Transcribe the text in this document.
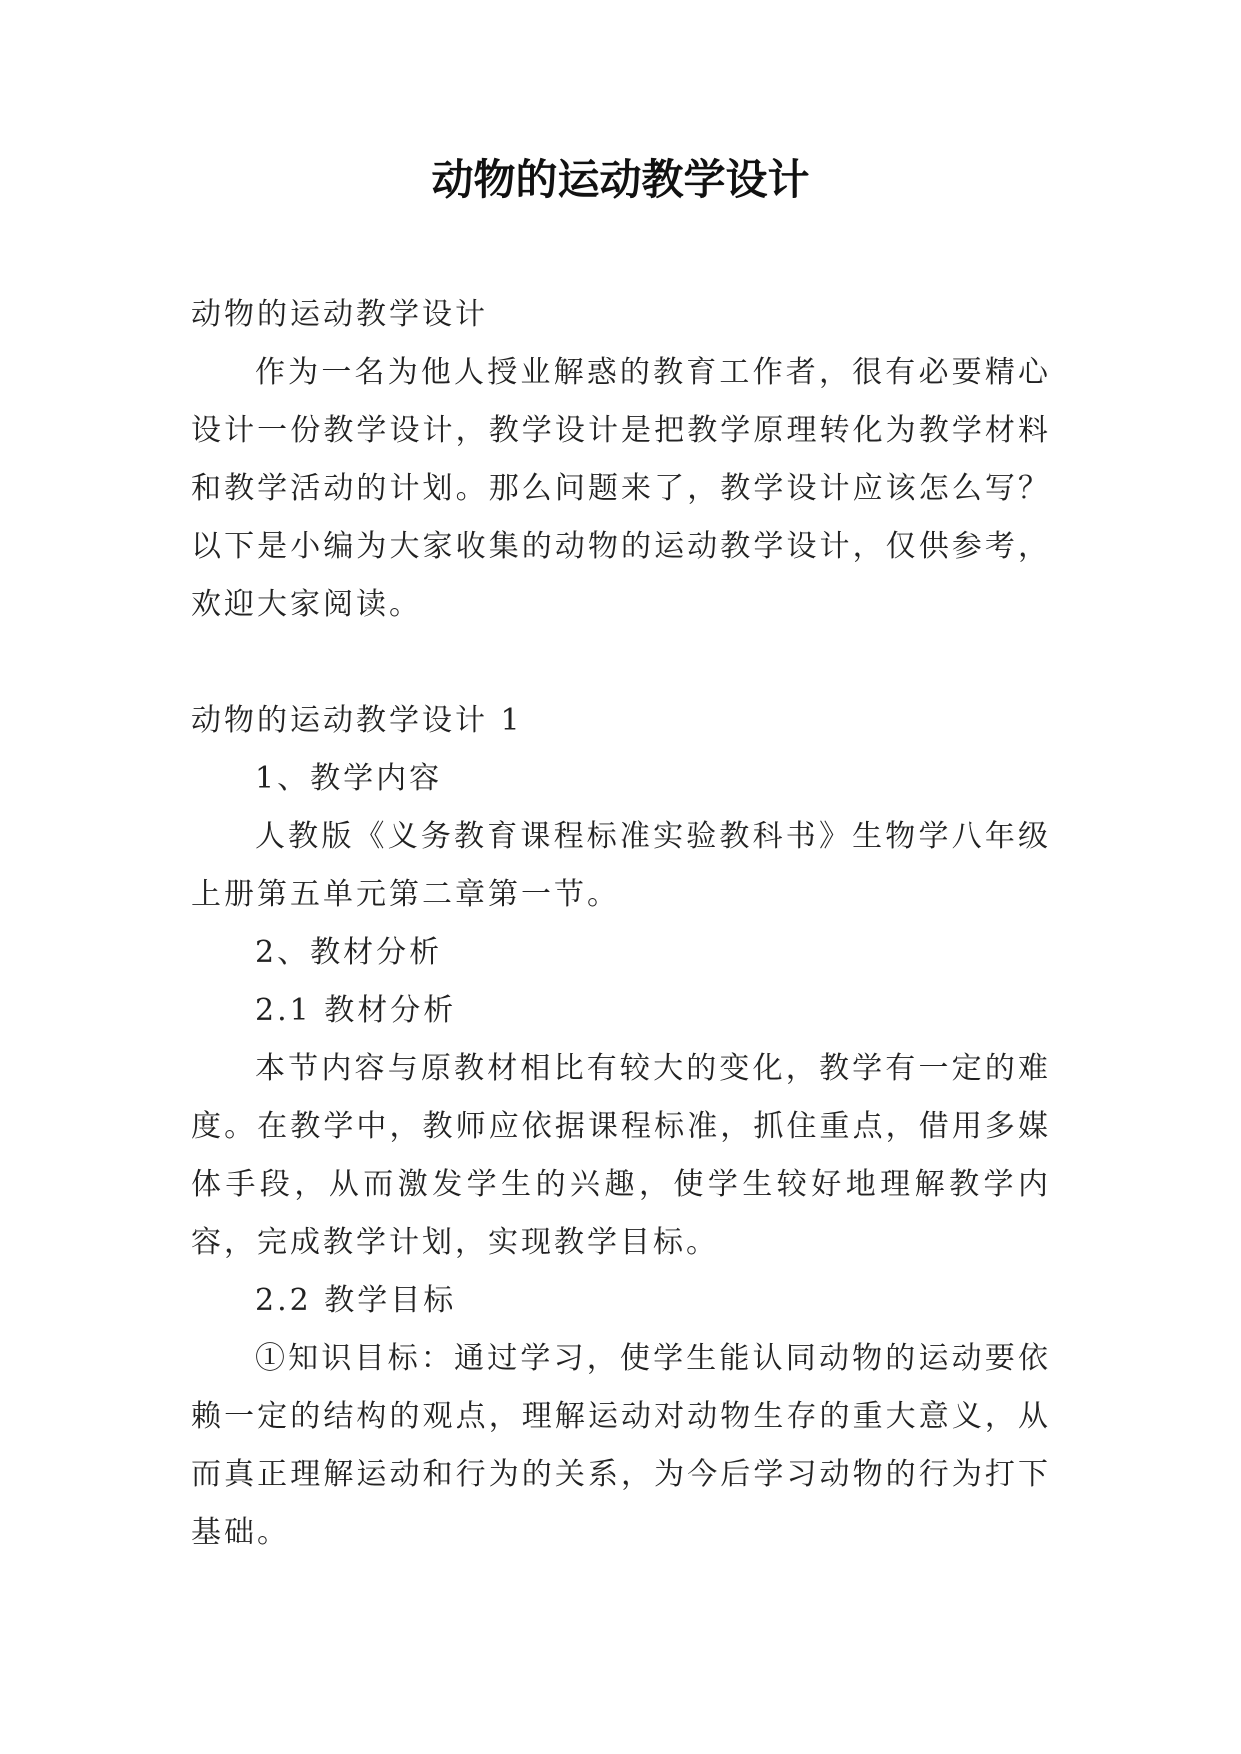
动物的运动教学设计

动物的运动教学设计

作为一名为他人授业解惑的教育工作者，很有必要精心设计一份教学设计，教学设计是把教学原理转化为教学材料和教学活动的计划。那么问题来了，教学设计应该怎么写？以下是小编为大家收集的动物的运动教学设计，仅供参考，欢迎大家阅读。

动物的运动教学设计 1

1、教学内容

人教版《义务教育课程标准实验教科书》生物学八年级上册第五单元第二章第一节。

2、教材分析

2.1 教材分析

本节内容与原教材相比有较大的变化，教学有一定的难度。在教学中，教师应依据课程标准，抓住重点，借用多媒体手段，从而激发学生的兴趣，使学生较好地理解教学内容，完成教学计划，实现教学目标。

2.2 教学目标

①知识目标：通过学习，使学生能认同动物的运动要依赖一定的结构的观点，理解运动对动物生存的重大意义，从而真正理解运动和行为的关系，为今后学习动物的行为打下基础。
